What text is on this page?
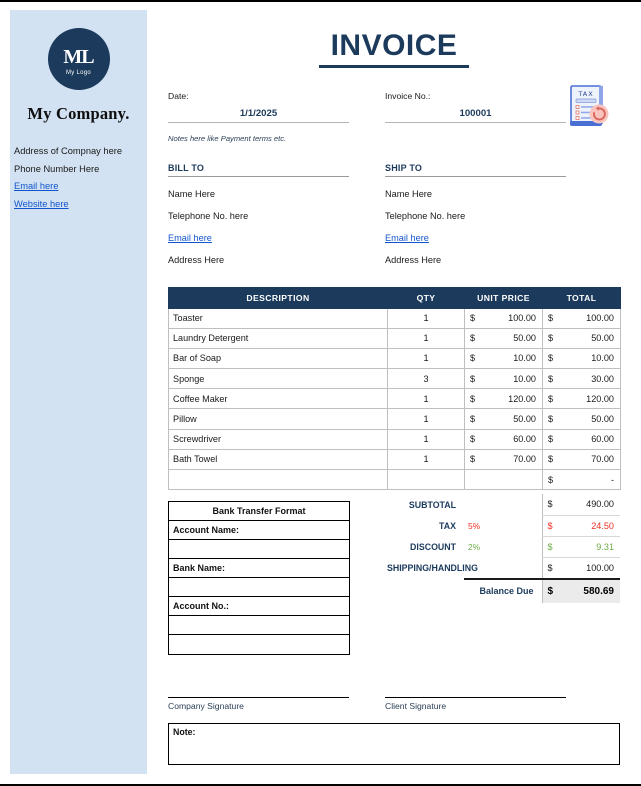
ML
My Logo
My Company.
Address of Compnay here
Phone Number Here
Email here
Website here
INVOICE
Date:
1/1/2025
Invoice No.:
100001
TAX
Notes here like Payment terms etc.
BILL TO
Name Here
Telephone No. here
Email here
Address Here
SHIP TO
Name Here
Telephone No. here
Email here
Address Here
DESCRIPTION	QTY	UNIT PRICE	TOTAL
Toaster	1	$ 100.00	$ 100.00

Laundry Detergent	1	$ 50.00	$ 50.00

Bar of Soap	1	$ 10.00	$ 10.00

Sponge	3	$ 10.00	$ 30.00

Coffee Maker	1	$ 120.00	$ 120.00

Pillow	1	$ 50.00	$ 50.00

Screwdriver	1	$ 60.00	$ 60.00

Bath Towel	1	$ 70.00	$ 70.00

			$ -
	SUBTOTAL		$ 490.00

	TAX	5%	$ 24.50

	DISCOUNT	2%	$ 9.31

	SHIPPING/HANDLING		$ 100.00

		Balance Due	$ 580.69
Bank Transfer Format
Account Name:
Bank Name:
Account No.:
Company Signature	Client Signature
Note:
